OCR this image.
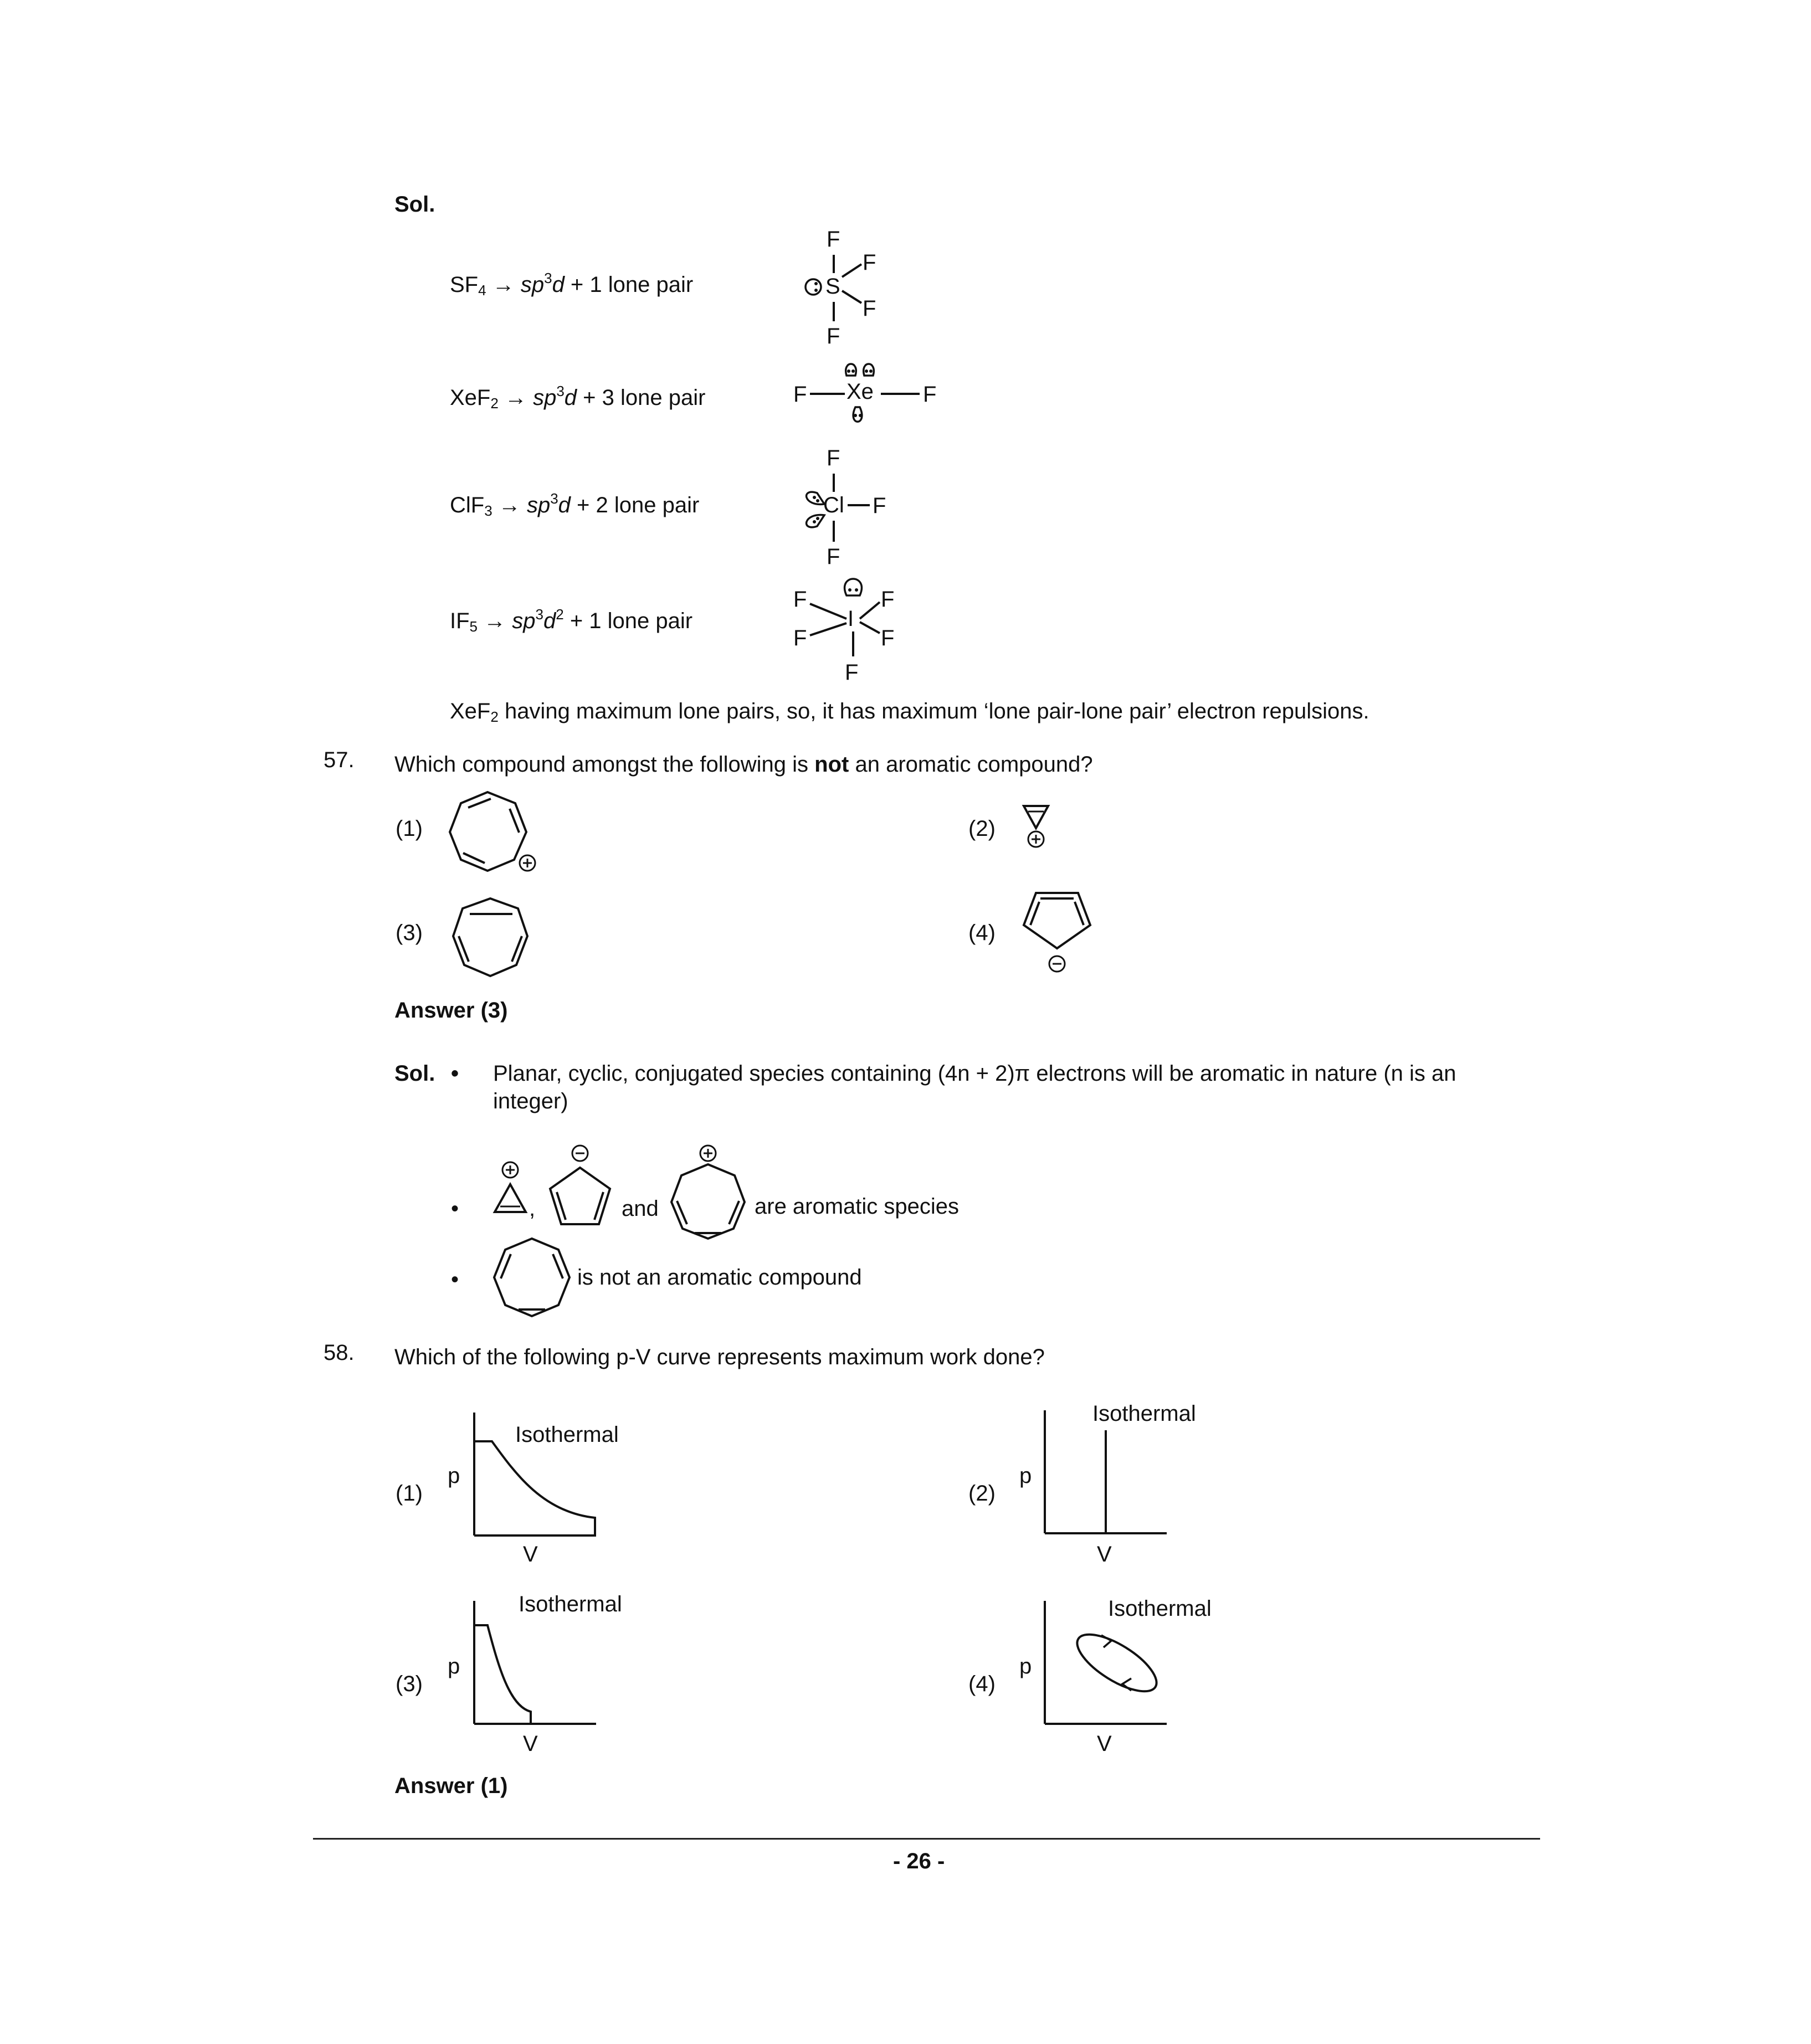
Sol.
$SF_4 \to sp^3d + 1$ lone pair
$XeF_2 \to sp^3d + 3$ lone pair
$ClF_3 \to sp^3d + 2$ lone pair
$IF_5 \to sp^3d^2 + 1$ lone pair
F
S
F
F
F
F Xe F
F
Cl F
F
F	F
I
F	F
F
XeF$_2$ having maximum lone pairs, so, it has maximum ‘lone pair-lone pair’ electron repulsions.
57. Which compound amongst the following is not an aromatic compound?
(1)	(2)
(3)	(4)
Answer (3)
Sol. • Planar, cyclic, conjugated species containing (4n + 2)π electrons will be aromatic in nature (n is an
integer)
•	,	and	are aromatic species
•	is not an aromatic compound
58. Which of the following p-V curve represents maximum work done?
(1)
p
Isothermal
V
(2)
p
Isothermal
V
(3)
p
Isothermal
V
(4)
p
Isothermal
V
Answer (1)
- 26 -
